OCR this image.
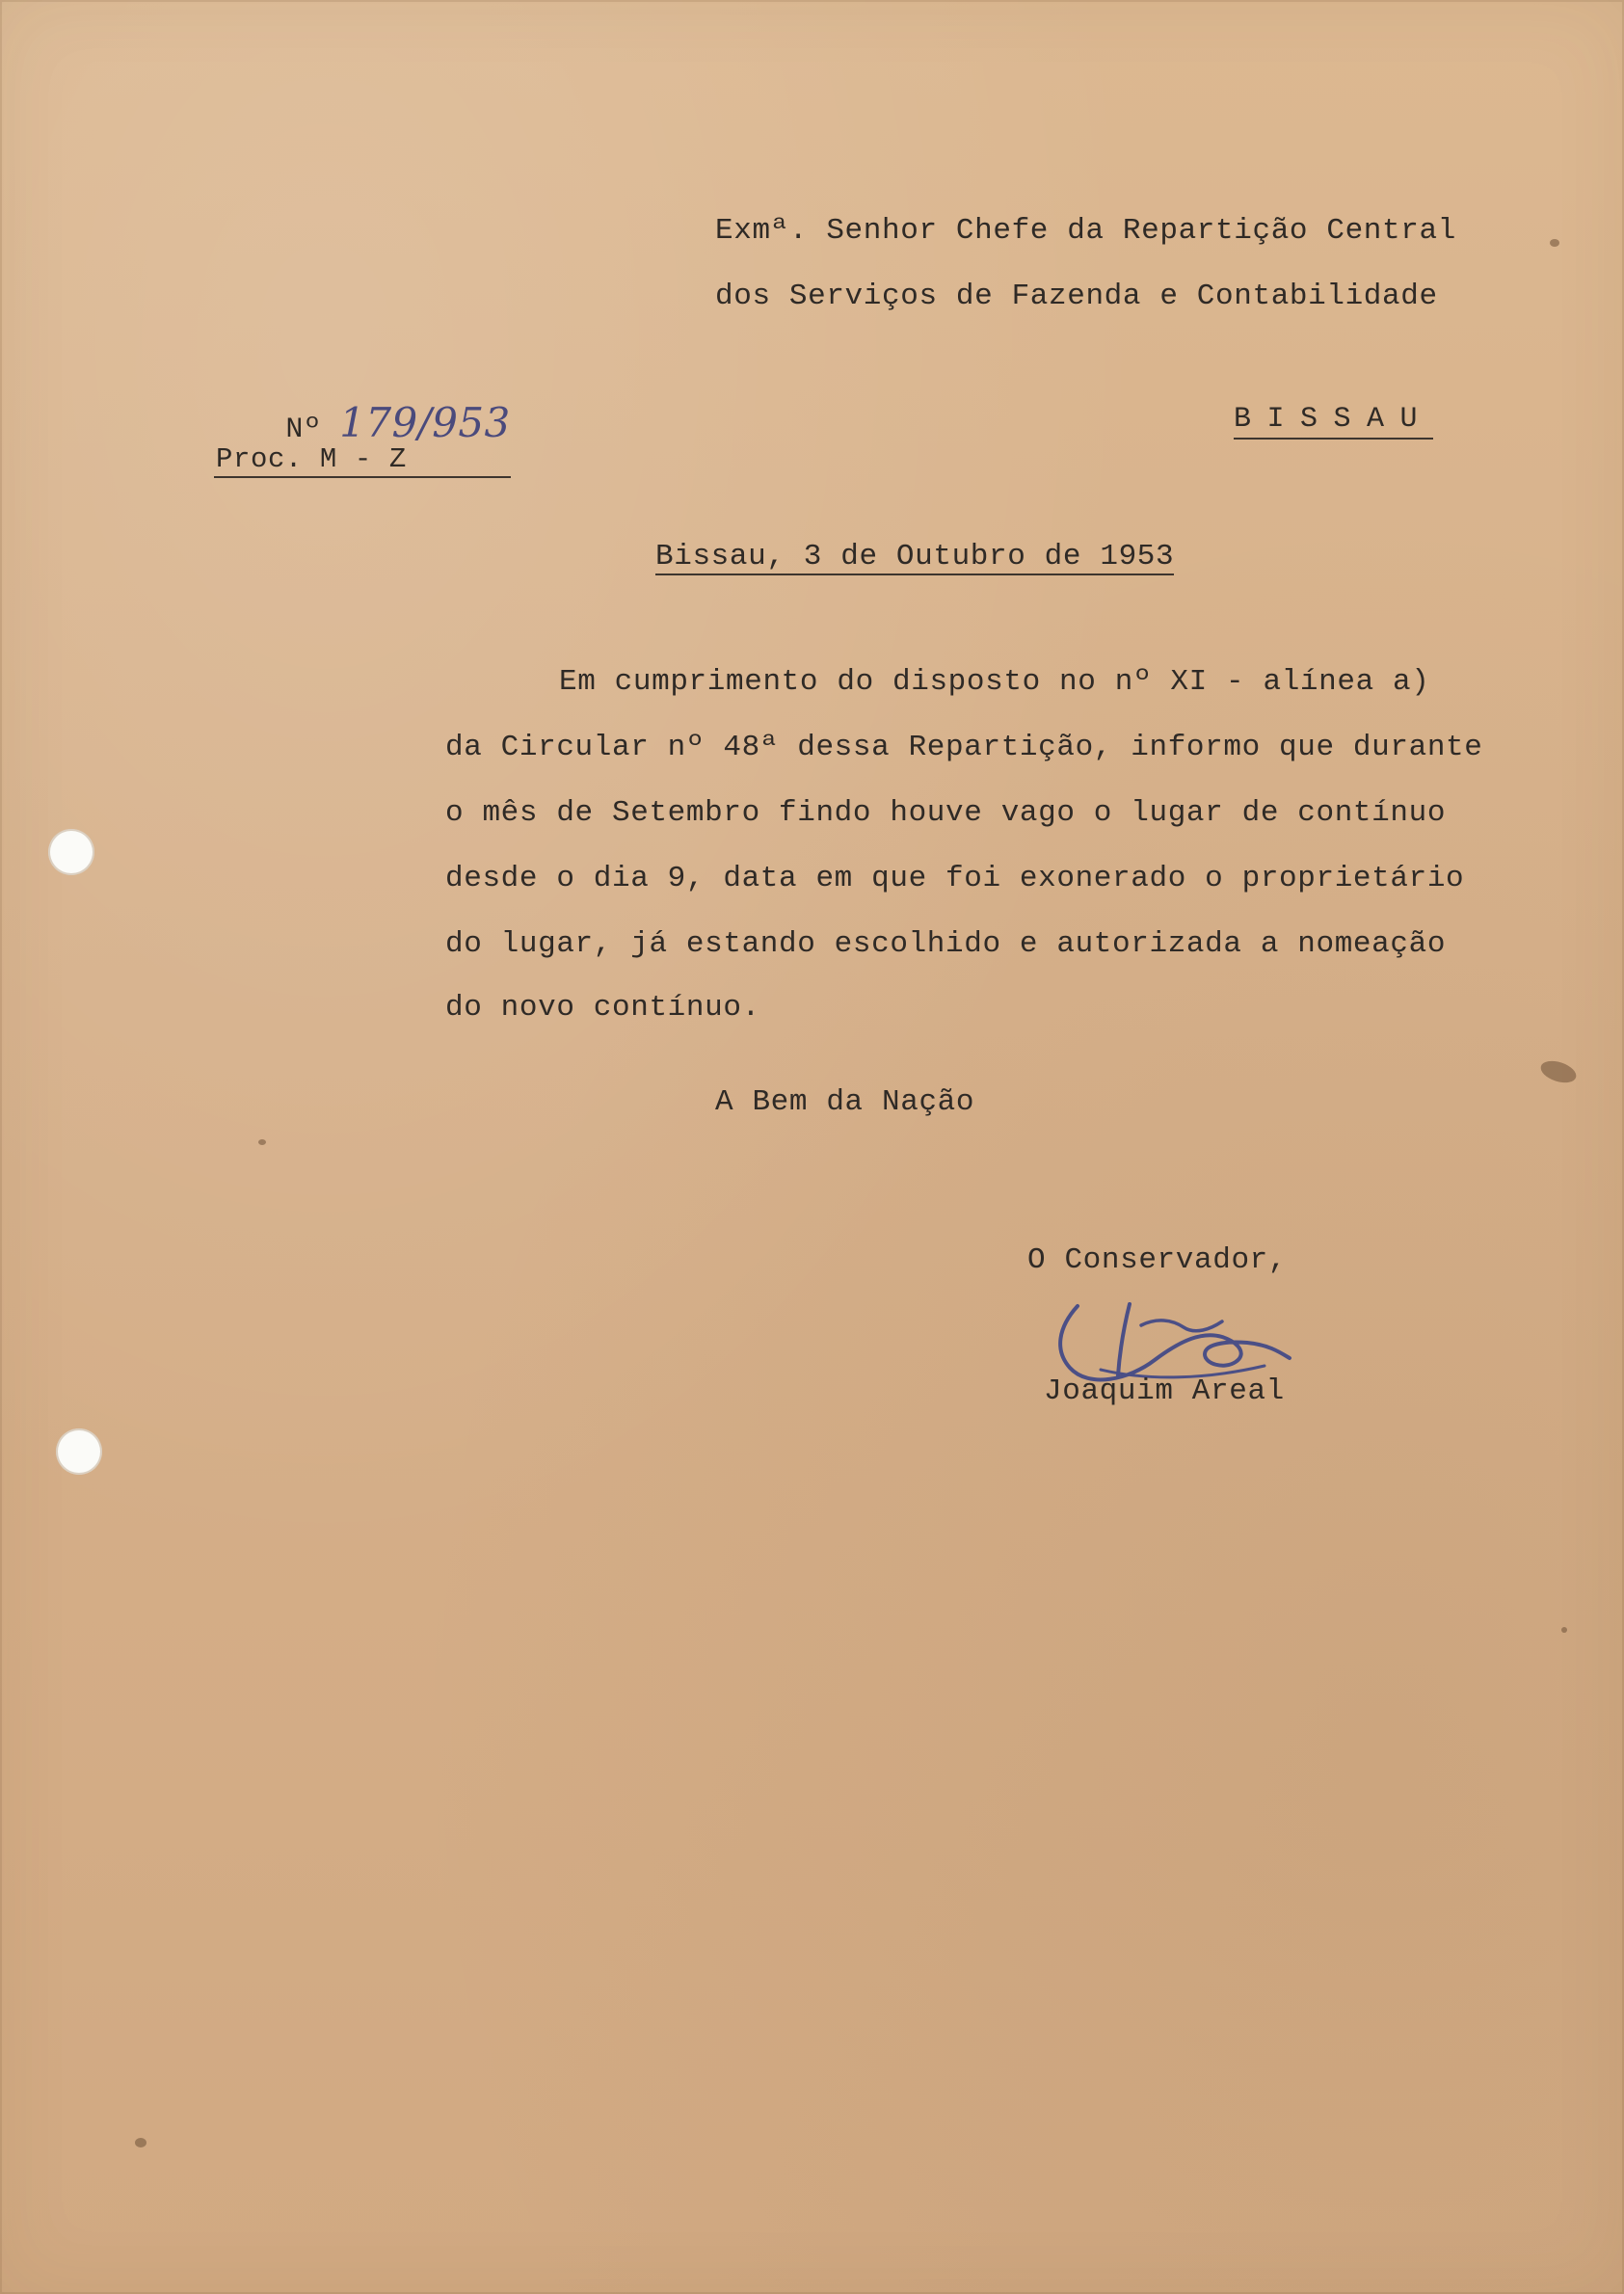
Exmª. Senhor Chefe da Repartição Central
dos Serviços de Fazenda e Contabilidade

Nº 179/953

Proc. M - Z
BISSAU
Bissau, 3 de Outubro de 1953
Em cumprimento do disposto no nº XI - alínea a)
da Circular nº 48ª dessa Repartição, informo que durante
o mês de Setembro findo houve vago o lugar de contínuo
desde o dia 9, data em que foi exonerado o proprietário
do lugar, já estando escolhido e autorizada a nomeação
do novo contínuo.
A Bem da Nação
O Conservador,
Joaquim Areal
